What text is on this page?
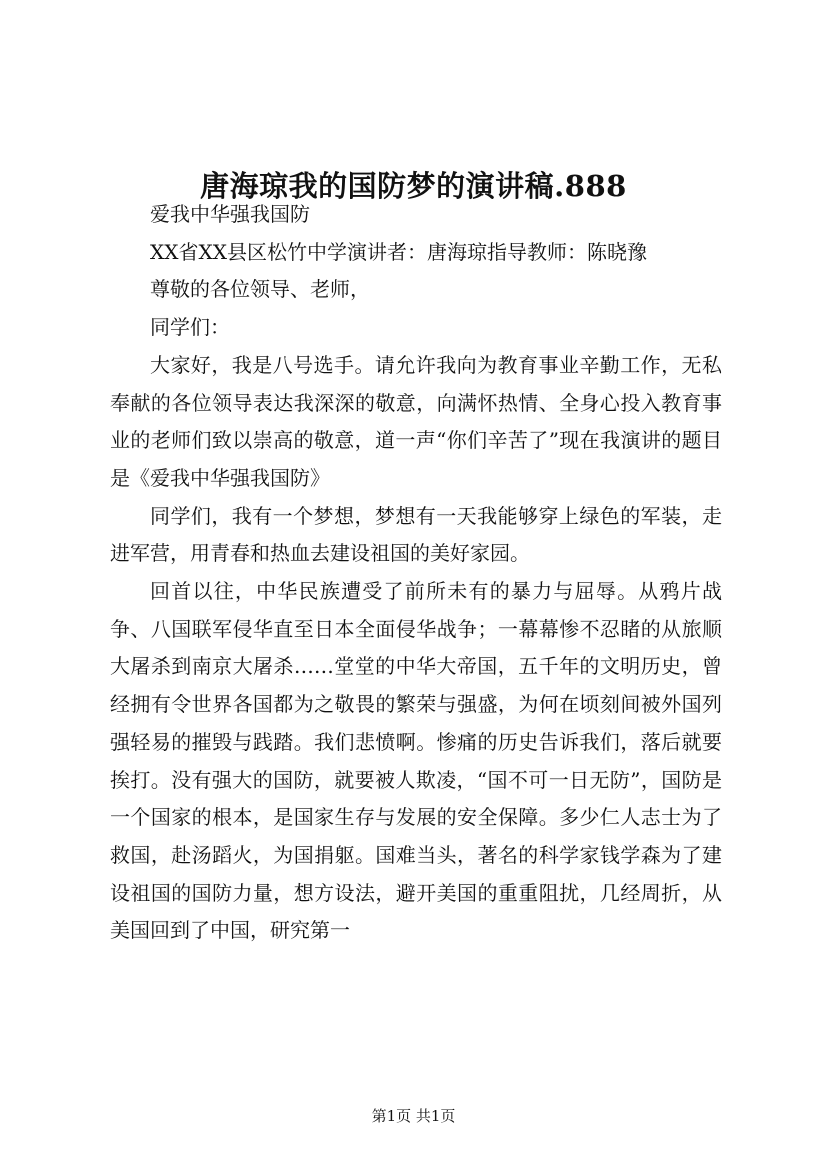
唐海琼我的国防梦的演讲稿.888

爱我中华强我国防

XX省XX县区松竹中学演讲者：唐海琼指导教师：陈晓豫

尊敬的各位领导、老师，

同学们：

大家好，我是八号选手。请允许我向为教育事业辛勤工作，无私奉献的各位领导表达我深深的敬意，向满怀热情、全身心投入教育事业的老师们致以崇高的敬意，道一声“你们辛苦了”现在我演讲的题目是《爱我中华强我国防》

同学们，我有一个梦想，梦想有一天我能够穿上绿色的军装，走进军营，用青春和热血去建设祖国的美好家园。

回首以往，中华民族遭受了前所未有的暴力与屈辱。从鸦片战争、八国联军侵华直至日本全面侵华战争；一幕幕惨不忍睹的从旅顺大屠杀到南京大屠杀……堂堂的中华大帝国，五千年的文明历史，曾经拥有令世界各国都为之敬畏的繁荣与强盛，为何在顷刻间被外国列强轻易的摧毁与践踏。我们悲愤啊。惨痛的历史告诉我们，落后就要挨打。没有强大的国防，就要被人欺凌，“国不可一日无防”，国防是一个国家的根本，是国家生存与发展的安全保障。多少仁人志士为了救国，赴汤蹈火，为国捐躯。国难当头，著名的科学家钱学森为了建设祖国的国防力量，想方设法，避开美国的重重阻扰，几经周折，从美国回到了中国，研究第一

第1页 共1页
